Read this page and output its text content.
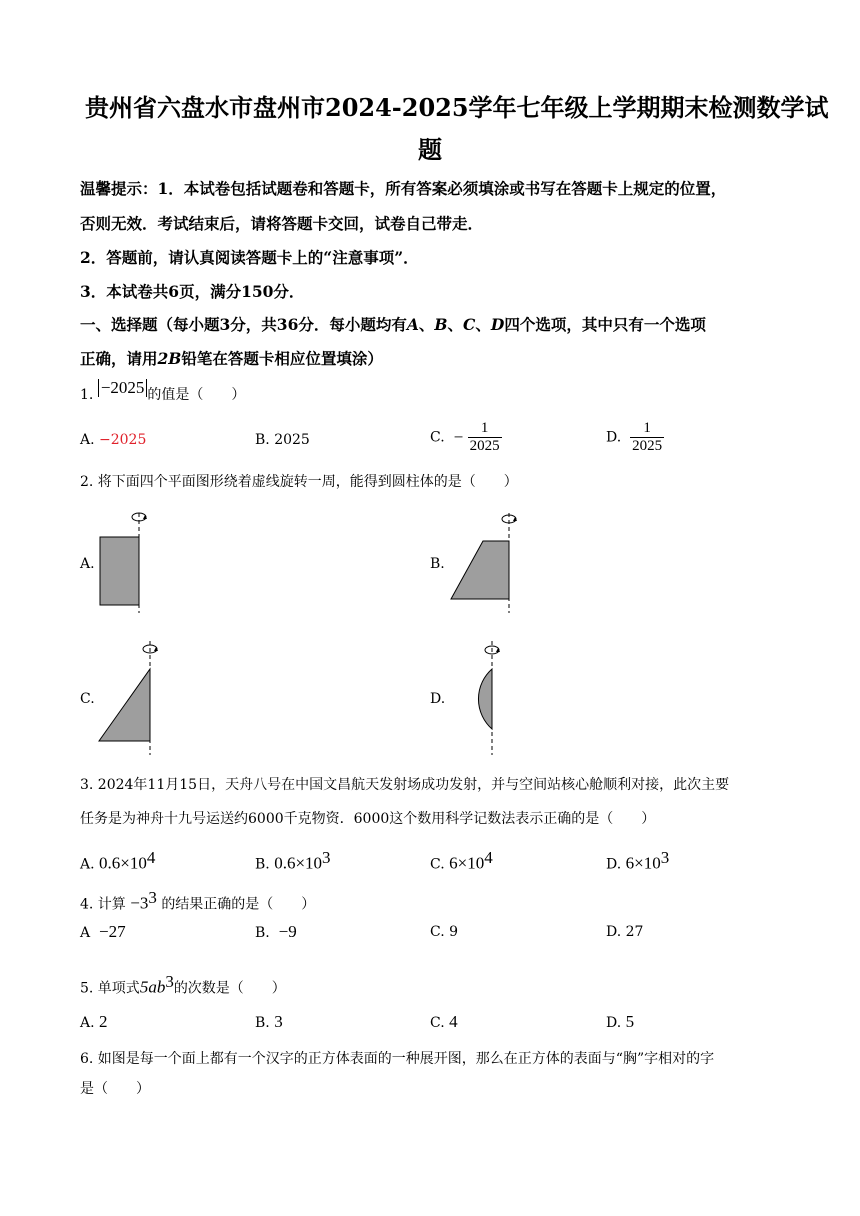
贵州省六盘水市盘州市2024-2025学年七年级上学期期末检测数学试
题
温馨提示：1．本试卷包括试题卷和答题卡，所有答案必须填涂或书写在答题卡上规定的位置，
否则无效．考试结束后，请将答题卡交回，试卷自己带走．
2．答题前，请认真阅读答题卡上的“注意事项”．
3．本试卷共6页，满分150分．
一、选择题（每小题3分，共36分．每小题均有A、B、C、D四个选项，其中只有一个选项
正确，请用2B铅笔在答题卡相应位置填涂）
1. −2025 的值是（　　）
A. −2025	B. 2025	C. − $\frac{1}{2025}$	D. $\frac{1}{2025}$
2. 将下面四个平面图形绕着虚线旋转一周，能得到圆柱体的是（　　）
A.	B.
C.	D.
3. 2024年11月15日，天舟八号在中国文昌航天发射场成功发射，并与空间站核心舱顺利对接，此次主要
任务是为神舟十九号运送约6000千克物资．6000这个数用科学记数法表示正确的是（　　）
A. $0.6\times 10^4$	B. $0.6\times 10^3$	C. $6\times 10^4$	D. $6\times 10^3$
4. 计算 $-3^3$ 的结果正确的是（　　）
A −27	B. −9	C. 9	D. 27
5. 单项式$5ab^3$的次数是（　　）
A. 2	B. 3	C. 4	D. 5
6. 如图是每一个面上都有一个汉字的正方体表面的一种展开图，那么在正方体的表面与“胸”字相对的字
是（　　）
